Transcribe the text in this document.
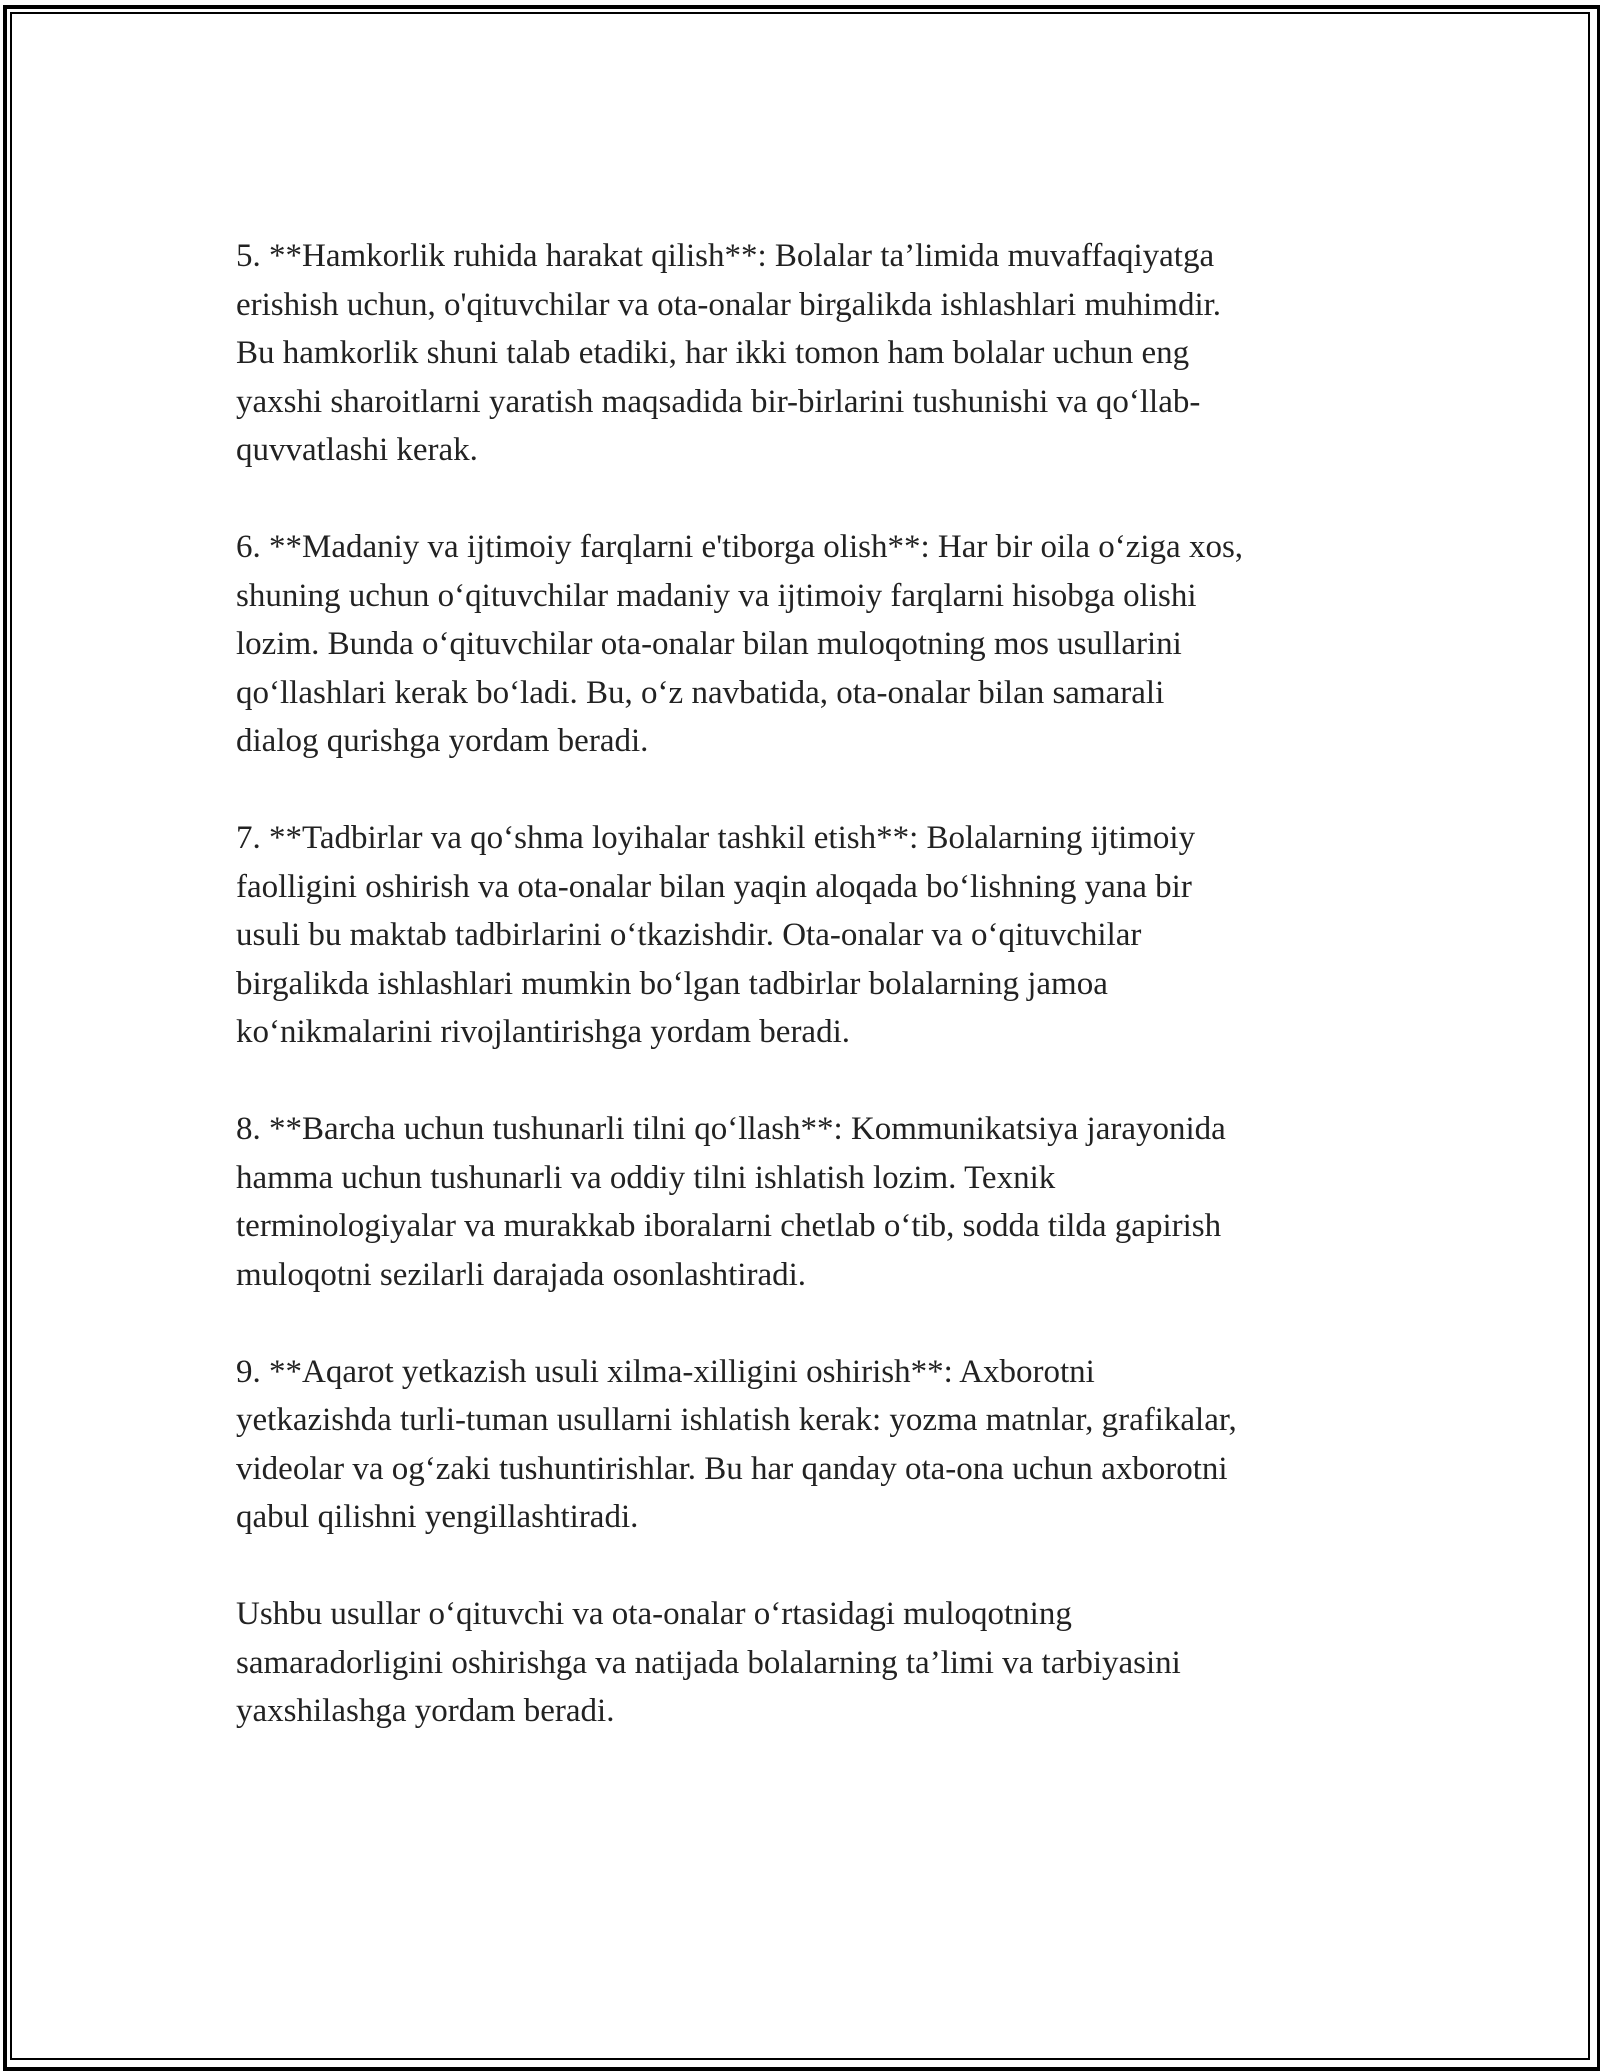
5. **Hamkorlik ruhida harakat qilish**: Bolalar ta’limida muvaffaqiyatga
erishish uchun, o'qituvchilar va ota-onalar birgalikda ishlashlari muhimdir.
Bu hamkorlik shuni talab etadiki, har ikki tomon ham bolalar uchun eng
yaxshi sharoitlarni yaratish maqsadida bir-birlarini tushunishi va qoʻllab-
quvvatlashi kerak.

6. **Madaniy va ijtimoiy farqlarni e'tiborga olish**: Har bir oila oʻziga xos,
shuning uchun oʻqituvchilar madaniy va ijtimoiy farqlarni hisobga olishi
lozim. Bunda oʻqituvchilar ota-onalar bilan muloqotning mos usullarini
qoʻllashlari kerak boʻladi. Bu, oʻz navbatida, ota-onalar bilan samarali
dialog qurishga yordam beradi.

7. **Tadbirlar va qoʻshma loyihalar tashkil etish**: Bolalarning ijtimoiy
faolligini oshirish va ota-onalar bilan yaqin aloqada boʻlishning yana bir
usuli bu maktab tadbirlarini oʻtkazishdir. Ota-onalar va oʻqituvchilar
birgalikda ishlashlari mumkin boʻlgan tadbirlar bolalarning jamoa
koʻnikmalarini rivojlantirishga yordam beradi.

8. **Barcha uchun tushunarli tilni qoʻllash**: Kommunikatsiya jarayonida
hamma uchun tushunarli va oddiy tilni ishlatish lozim. Texnik
terminologiyalar va murakkab iboralarni chetlab oʻtib, sodda tilda gapirish
muloqotni sezilarli darajada osonlashtiradi.

9. **Aqarot yetkazish usuli xilma-xilligini oshirish**: Axborotni
yetkazishda turli-tuman usullarni ishlatish kerak: yozma matnlar, grafikalar,
videolar va ogʻzaki tushuntirishlar. Bu har qanday ota-ona uchun axborotni
qabul qilishni yengillashtiradi.

Ushbu usullar oʻqituvchi va ota-onalar oʻrtasidagi muloqotning
samaradorligini oshirishga va natijada bolalarning ta’limi va tarbiyasini
yaxshilashga yordam beradi.
